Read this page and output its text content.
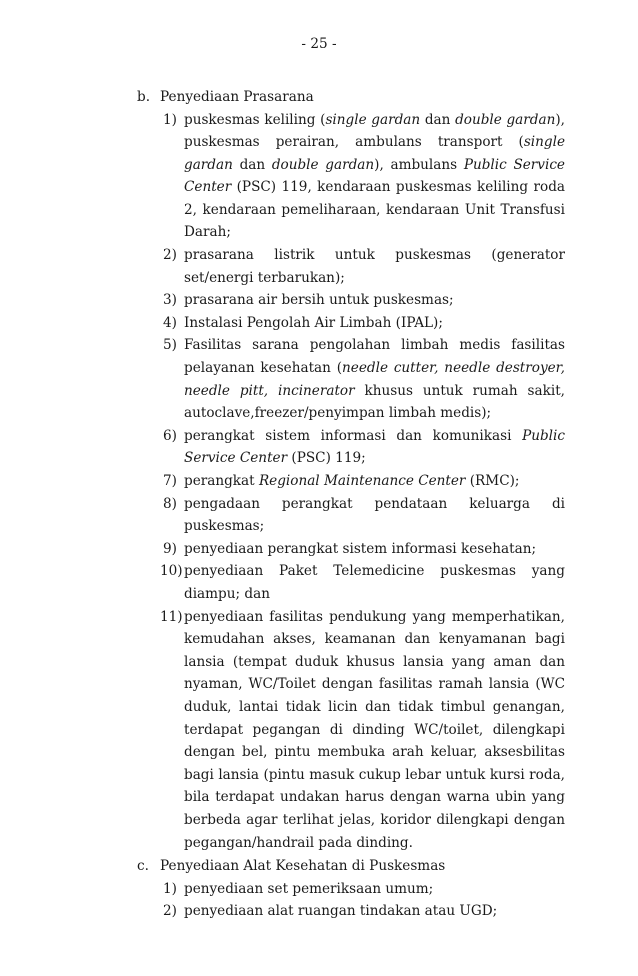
- 25 -
b. Penyediaan Prasarana
1) puskesmas keliling (single gardan dan double gardan), puskesmas perairan, ambulans transport (single gardan dan double gardan), ambulans Public Service Center (PSC) 119, kendaraan puskesmas keliling roda 2, kendaraan pemeliharaan, kendaraan Unit Transfusi Darah;
2) prasarana listrik untuk puskesmas (generator set/energi terbarukan);
3) prasarana air bersih untuk puskesmas;
4) Instalasi Pengolah Air Limbah (IPAL);
5) Fasilitas sarana pengolahan limbah medis fasilitas pelayanan kesehatan (needle cutter, needle destroyer, needle pitt, incinerator khusus untuk rumah sakit, autoclave,freezer/penyimpan limbah medis);
6) perangkat sistem informasi dan komunikasi Public Service Center (PSC) 119;
7) perangkat Regional Maintenance Center (RMC);
8) pengadaan perangkat pendataan keluarga di puskesmas;
9) penyediaan perangkat sistem informasi kesehatan;
10) penyediaan Paket Telemedicine puskesmas yang diampu; dan
11) penyediaan fasilitas pendukung yang memperhatikan, kemudahan akses, keamanan dan kenyamanan bagi lansia (tempat duduk khusus lansia yang aman dan nyaman, WC/Toilet dengan fasilitas ramah lansia (WC duduk, lantai tidak licin dan tidak timbul genangan, terdapat pegangan di dinding WC/toilet, dilengkapi dengan bel, pintu membuka arah keluar, aksesbilitas bagi lansia (pintu masuk cukup lebar untuk kursi roda, bila terdapat undakan harus dengan warna ubin yang berbeda agar terlihat jelas, koridor dilengkapi dengan pegangan/handrail pada dinding.
c. Penyediaan Alat Kesehatan di Puskesmas
1) penyediaan set pemeriksaan umum;
2) penyediaan alat ruangan tindakan atau UGD;
